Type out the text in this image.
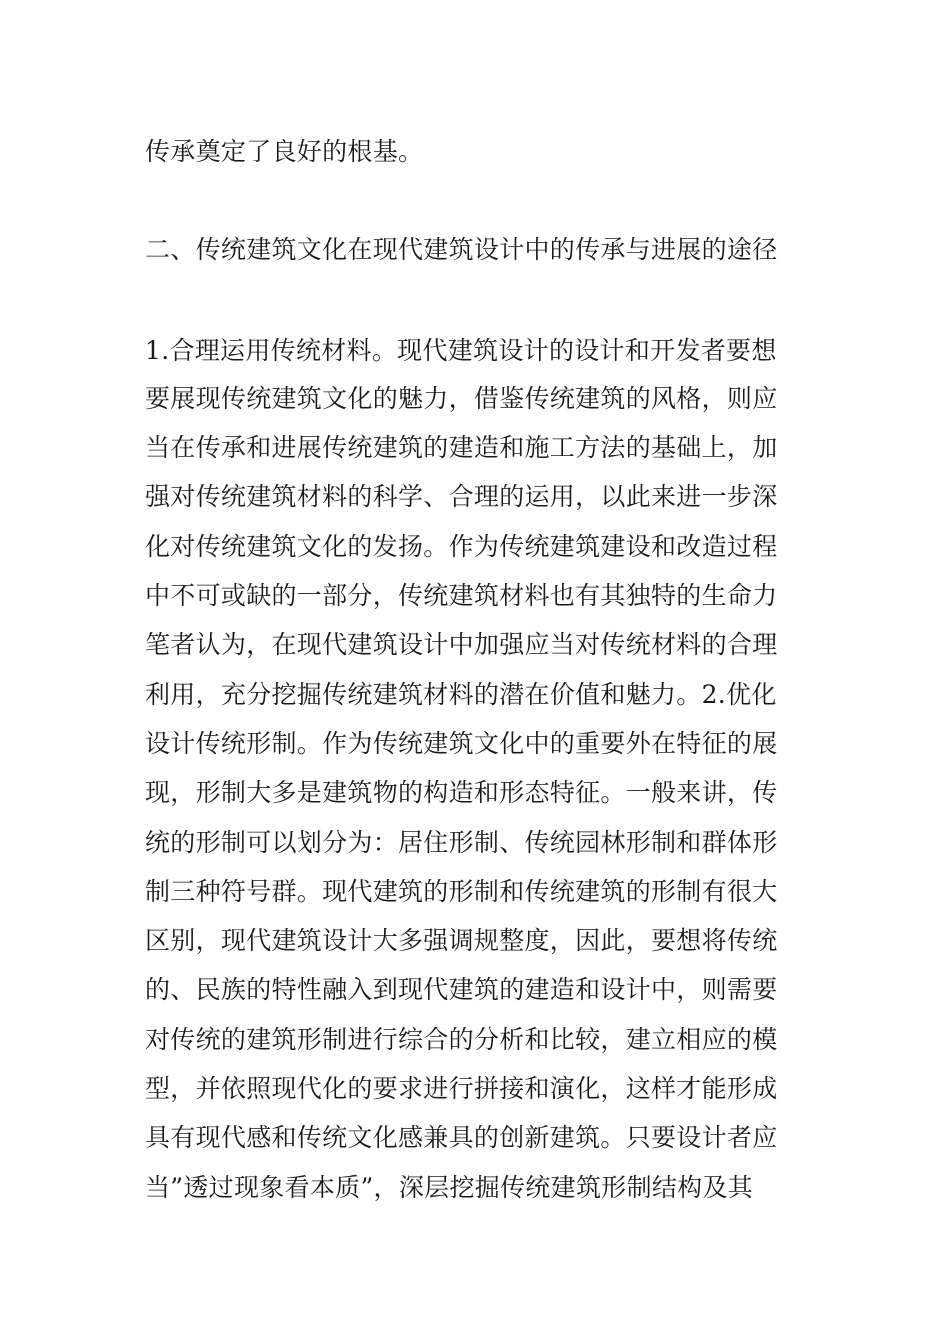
传承奠定了良好的根基。
二、传统建筑文化在现代建筑设计中的传承与进展的途径
1.合理运用传统材料。现代建筑设计的设计和开发者要想
要展现传统建筑文化的魅力，借鉴传统建筑的风格，则应
当在传承和进展传统建筑的建造和施工方法的基础上，加
强对传统建筑材料的科学、合理的运用，以此来进一步深
化对传统建筑文化的发扬。作为传统建筑建设和改造过程
中不可或缺的一部分，传统建筑材料也有其独特的生命力
笔者认为，在现代建筑设计中加强应当对传统材料的合理
利用，充分挖掘传统建筑材料的潜在价值和魅力。2.优化
设计传统形制。作为传统建筑文化中的重要外在特征的展
现，形制大多是建筑物的构造和形态特征。一般来讲，传
统的形制可以划分为：居住形制、传统园林形制和群体形
制三种符号群。现代建筑的形制和传统建筑的形制有很大
区别，现代建筑设计大多强调规整度，因此，要想将传统
的、民族的特性融入到现代建筑的建造和设计中，则需要
对传统的建筑形制进行综合的分析和比较，建立相应的模
型，并依照现代化的要求进行拼接和演化，这样才能形成
具有现代感和传统文化感兼具的创新建筑。只要设计者应
当”透过现象看本质”，深层挖掘传统建筑形制结构及其
